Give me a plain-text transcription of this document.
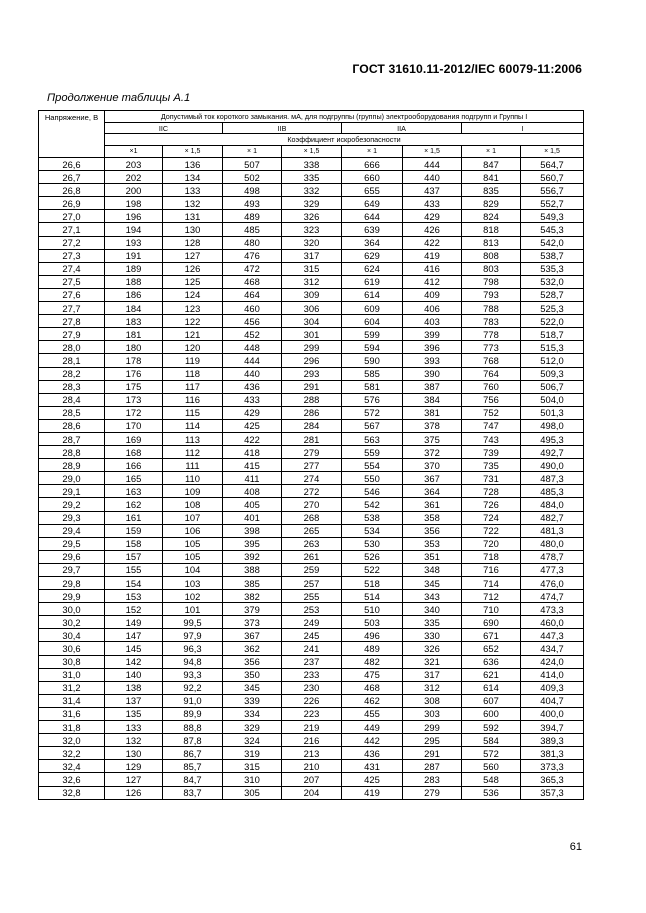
ГОСТ 31610.11-2012/IEC 60079-11:2006
Продолжение таблицы А.1
Напряжение, В	Допустимый ток короткого замыкания. мА, для подгруппы (группы) электрооборудования подгрупп и Группы I							
	IIC		IIB		IIA		I	
	Коэффициент искробезопасности							
	×1	× 1,5	× 1	× 1,5	× 1	× 1,5	× 1	× 1,5
26,6	203	136	507	338	666	444	847	564,7
26,7	202	134	502	335	660	440	841	560,7
26,8	200	133	498	332	655	437	835	556,7
26,9	198	132	493	329	649	433	829	552,7
27,0	196	131	489	326	644	429	824	549,3
27,1	194	130	485	323	639	426	818	545,3
27,2	193	128	480	320	364	422	813	542,0
27,3	191	127	476	317	629	419	808	538,7
27,4	189	126	472	315	624	416	803	535,3
27,5	188	125	468	312	619	412	798	532,0
27,6	186	124	464	309	614	409	793	528,7
27,7	184	123	460	306	609	406	788	525,3
27,8	183	122	456	304	604	403	783	522,0
27,9	181	121	452	301	599	399	778	518,7
28,0	180	120	448	299	594	396	773	515,3
28,1	178	119	444	296	590	393	768	512,0
28,2	176	118	440	293	585	390	764	509,3
28,3	175	117	436	291	581	387	760	506,7
28,4	173	116	433	288	576	384	756	504,0
28,5	172	115	429	286	572	381	752	501,3
28,6	170	114	425	284	567	378	747	498,0
28,7	169	113	422	281	563	375	743	495,3
28,8	168	112	418	279	559	372	739	492,7
28,9	166	111	415	277	554	370	735	490,0
29,0	165	110	411	274	550	367	731	487,3
29,1	163	109	408	272	546	364	728	485,3
29,2	162	108	405	270	542	361	726	484,0
29,3	161	107	401	268	538	358	724	482,7
29,4	159	106	398	265	534	356	722	481,3
29,5	158	105	395	263	530	353	720	480,0
29,6	157	105	392	261	526	351	718	478,7
29,7	155	104	388	259	522	348	716	477,3
29,8	154	103	385	257	518	345	714	476,0
29,9	153	102	382	255	514	343	712	474,7
30,0	152	101	379	253	510	340	710	473,3
30,2	149	99,5	373	249	503	335	690	460,0
30,4	147	97,9	367	245	496	330	671	447,3
30,6	145	96,3	362	241	489	326	652	434,7
30,8	142	94,8	356	237	482	321	636	424,0
31,0	140	93,3	350	233	475	317	621	414,0
31,2	138	92,2	345	230	468	312	614	409,3
31,4	137	91,0	339	226	462	308	607	404,7
31,6	135	89,9	334	223	455	303	600	400,0
31,8	133	88,8	329	219	449	299	592	394,7
32,0	132	87,8	324	216	442	295	584	389,3
32,2	130	86,7	319	213	436	291	572	381,3
32,4	129	85,7	315	210	431	287	560	373,3
32,6	127	84,7	310	207	425	283	548	365,3
32,8	126	83,7	305	204	419	279	536	357,3
61
